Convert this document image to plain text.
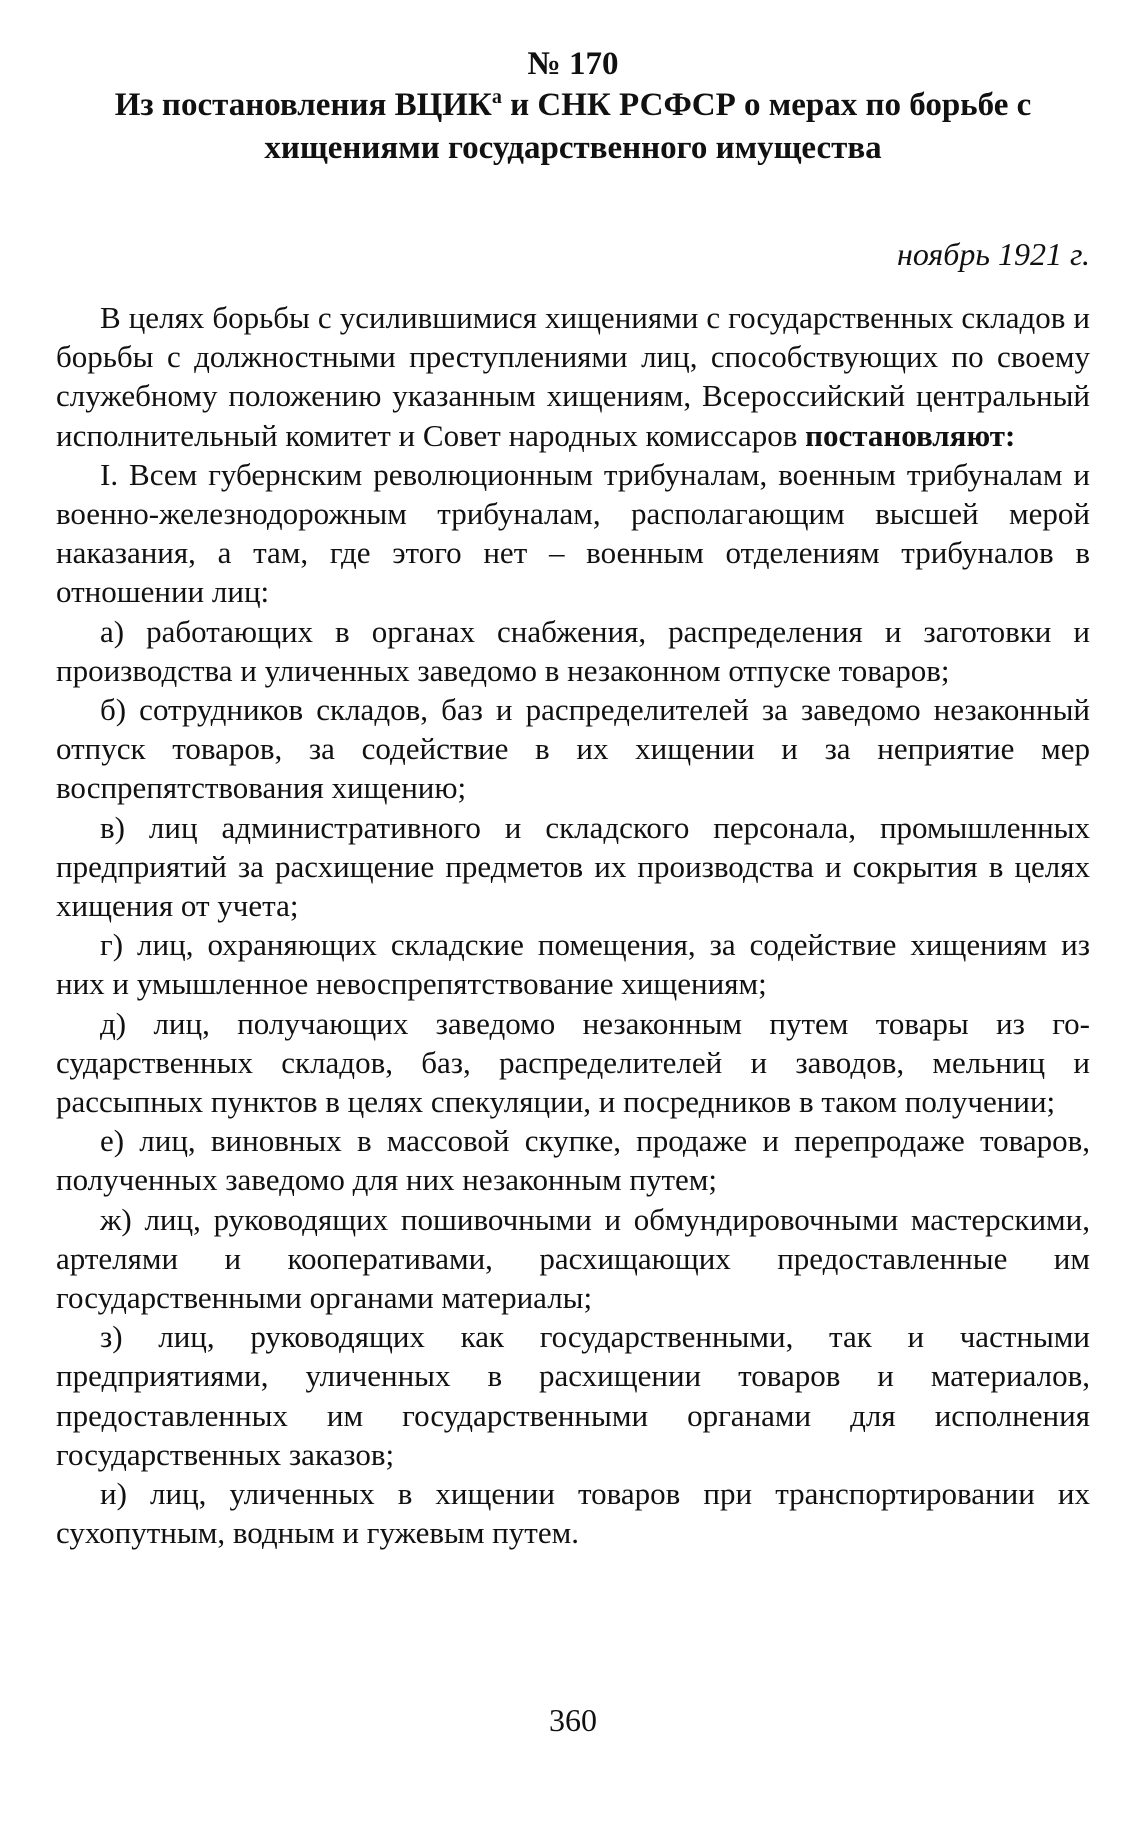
№ 170
Из постановления ВЦИК$^а$ и СНК РСФСР о мерах по борьбе с хищениями государственного имущества
ноябрь 1921 г.

В целях борьбы с усилившимися хищениями с государственных складов и борьбы с должностными преступлениями лиц, способствующих по своему служебному положению указанным хищениям, Всероссийский центральный исполнительный комитет и Совет народных комиссаров постановляют:

I. Всем губернским революционным трибуналам, военным трибуналам и военно-железнодорожным трибуналам, располагающим высшей мерой наказания, а там, где этого нет – военным отделениям трибуналов в отношении лиц:

а) работающих в органах снабжения, распределения и заготовки и производства и уличенных заведомо в незаконном отпуске товаров;

б) сотрудников складов, баз и распределителей за заведомо незаконный отпуск товаров, за содействие в их хищении и за неприятие мер воспрепятствования хищению;

в) лиц административного и складского персонала, промышленных предприятий за расхищение предметов их производства и сокрытия в целях хищения от учета;

г) лиц, охраняющих складские помещения, за содействие хищениям из них и умышленное невоспрепятствование хищениям;

д) лиц, получающих заведомо незаконным путем товары из государственных складов, баз, распределителей и заводов, мельниц и рассыпных пунктов в целях спекуляции, и посредников в таком получении;

е) лиц, виновных в массовой скупке, продаже и перепродаже товаров, полученных заведомо для них незаконным путем;

ж) лиц, руководящих пошивочными и обмундировочными мастерскими, артелями и кооперативами, расхищающих предоставленные им государственными органами материалы;

з) лиц, руководящих как государственными, так и частными предприятиями, уличенных в расхищении товаров и материалов, предоставленных им государственными органами для исполнения государственных заказов;

и) лиц, уличенных в хищении товаров при транспортировании их сухопутным, водным и гужевым путем.

360
